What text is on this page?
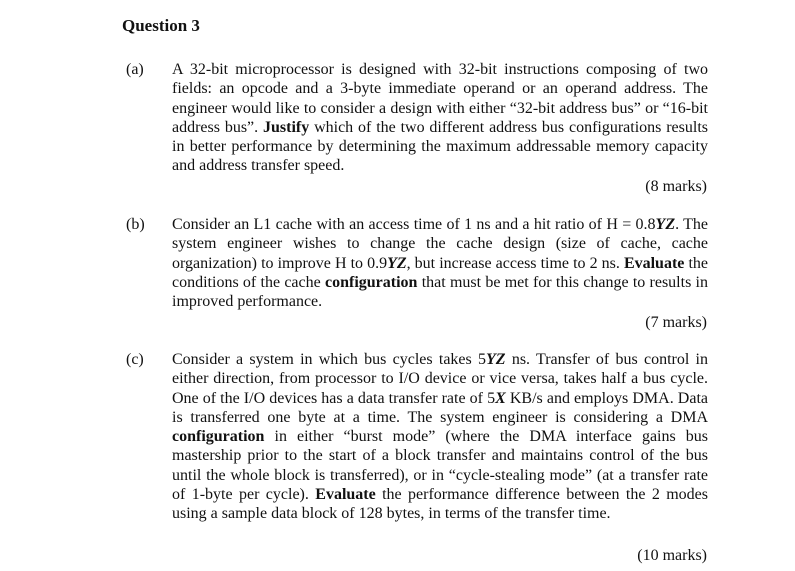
Question 3
(a) A 32-bit microprocessor is designed with 32-bit instructions composing of two fields: an opcode and a 3-byte immediate operand or an operand address. The engineer would like to consider a design with either “32-bit address bus” or “16-bit address bus”. Justify which of the two different address bus configurations results in better performance by determining the maximum addressable memory capacity and address transfer speed.

(8 marks)
(b) Consider an L1 cache with an access time of 1 ns and a hit ratio of H = 0.8YZ. The system engineer wishes to change the cache design (size of cache, cache organization) to improve H to 0.9YZ, but increase access time to 2 ns. Evaluate the conditions of the cache configuration that must be met for this change to results in improved performance.

(7 marks)
(c) Consider a system in which bus cycles takes 5YZ ns. Transfer of bus control in either direction, from processor to I/O device or vice versa, takes half a bus cycle. One of the I/O devices has a data transfer rate of 5X KB/s and employs DMA. Data is transferred one byte at a time. The system engineer is considering a DMA configuration in either “burst mode” (where the DMA interface gains bus mastership prior to the start of a block transfer and maintains control of the bus until the whole block is transferred), or in “cycle-stealing mode” (at a transfer rate of 1-byte per cycle). Evaluate the performance difference between the 2 modes using a sample data block of 128 bytes, in terms of the transfer time.

(10 marks)
